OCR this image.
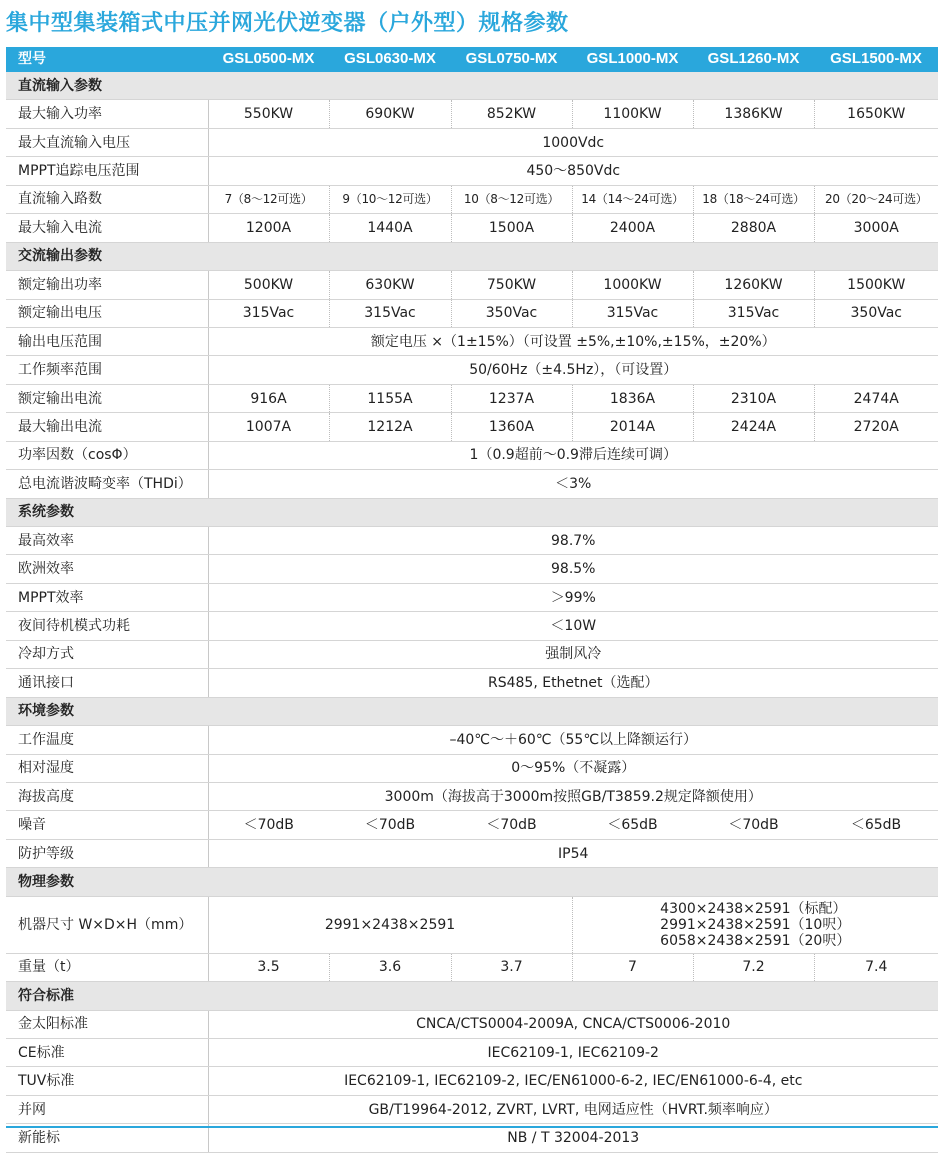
集中型集装箱式中压并网光伏逆变器（户外型）规格参数
型号	GSL0500-MX	GSL0630-MX	GSL0750-MX	GSL1000-MX	GSL1260-MX	GSL1500-MX
直流输入参数						
最大输入功率	550KW	690KW	852KW	1100KW	1386KW	1650KW
最大直流输入电压	1000Vdc					
MPPT追踪电压范围	450～850Vdc					
直流输入路数	7（8～12可选）	9（10～12可选）	10（8～12可选）	14（14～24可选）	18（18～24可选）	20（20～24可选）
最大输入电流	1200A	1440A	1500A	2400A	2880A	3000A
交流输出参数						
额定输出功率	500KW	630KW	750KW	1000KW	1260KW	1500KW
额定输出电压	315Vac	315Vac	350Vac	315Vac	315Vac	350Vac
输出电压范围	额定电压 ×（1±15%）（可设置 ±5%,±10%,±15%，±20%）					
工作频率范围	50/60Hz（±4.5Hz），（可设置）					
额定输出电流	916A	1155A	1237A	1836A	2310A	2474A
最大输出电流	1007A	1212A	1360A	2014A	2424A	2720A
功率因数（cosΦ）	1（0.9超前～0.9滞后连续可调）					
总电流谐波畸变率（THDi）	＜3%					
系统参数						
最高效率	98.7%					
欧洲效率	98.5%					
MPPT效率	＞99%					
夜间待机模式功耗	＜10W					
冷却方式	强制风冷					
通讯接口	RS485, Ethetnet（选配）					
环境参数						
工作温度	–40℃～＋60℃（55℃以上降额运行）					
相对湿度	0～95%（不凝露）					
海拔高度	3000m（海拔高于3000m按照GB/T3859.2规定降额使用）					
噪音	＜70dB	＜70dB	＜70dB	＜65dB	＜70dB	＜65dB
防护等级	IP54					
物理参数						
机器尺寸 W×D×H（mm）	2991×2438×2591			4300×2438×2591（标配）
2991×2438×2591（10呎）
6058×2438×2591（20呎）		

重量（t）	3.5	3.6	3.7	7	7.2	7.4
符合标准						
金太阳标准	CNCA/CTS0004-2009A, CNCA/CTS0006-2010					
CE标准	IEC62109-1, IEC62109-2					
TUV标准	IEC62109-1, IEC62109-2, IEC/EN61000-6-2, IEC/EN61000-6-4, etc					
并网	GB/T19964-2012, ZVRT, LVRT, 电网适应性（HVRT.频率响应）					
新能标	NB / T 32004-2013					
